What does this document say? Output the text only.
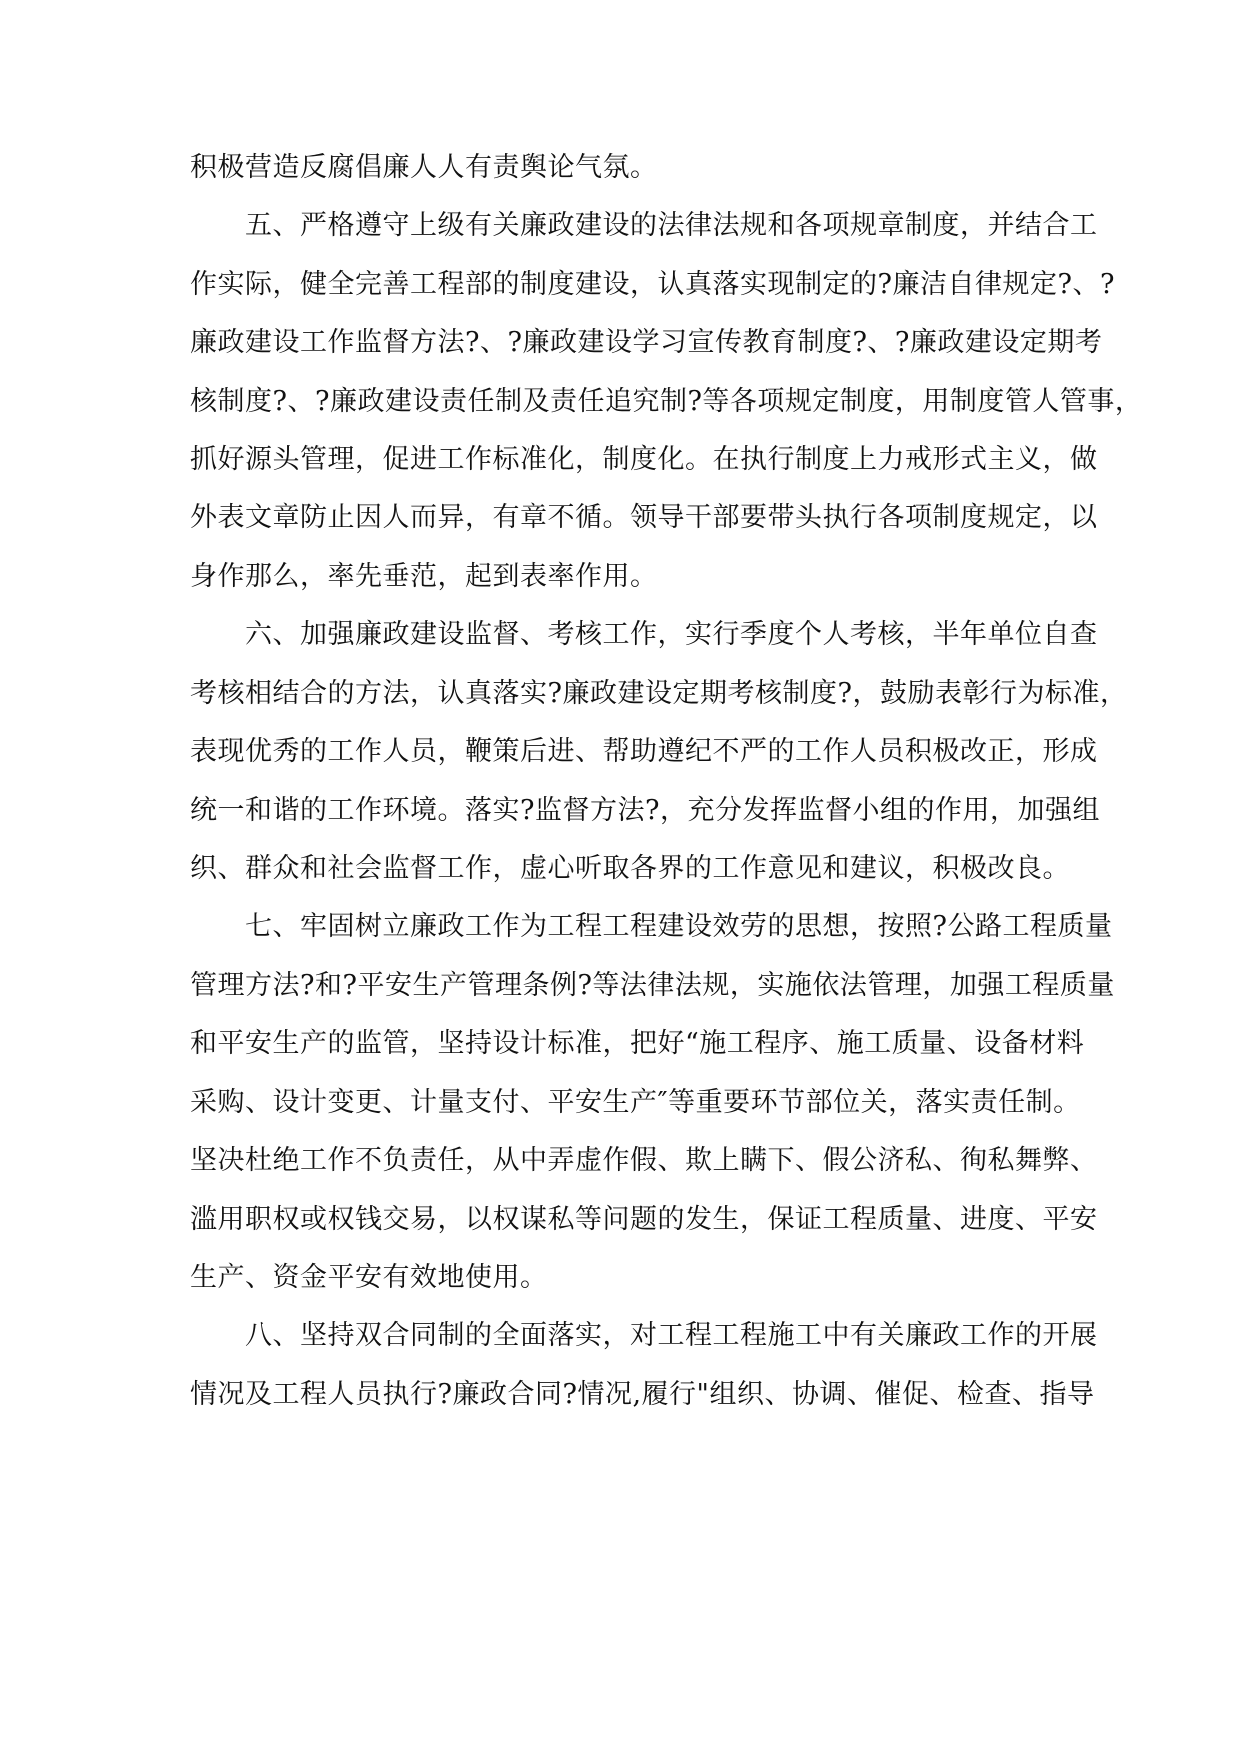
积极营造反腐倡廉人人有责舆论气氛。
五、严格遵守上级有关廉政建设的法律法规和各项规章制度，并结合工
作实际，健全完善工程部的制度建设，认真落实现制定的?廉洁自律规定?、?
廉政建设工作监督方法?、?廉政建设学习宣传教育制度?、?廉政建设定期考
核制度?、?廉政建设责任制及责任追究制?等各项规定制度，用制度管人管事，
抓好源头管理，促进工作标准化，制度化。在执行制度上力戒形式主义，做
外表文章防止因人而异，有章不循。领导干部要带头执行各项制度规定，以
身作那么，率先垂范，起到表率作用。
六、加强廉政建设监督、考核工作，实行季度个人考核，半年单位自查
考核相结合的方法，认真落实?廉政建设定期考核制度?，鼓励表彰行为标准，
表现优秀的工作人员，鞭策后进、帮助遵纪不严的工作人员积极改正，形成
统一和谐的工作环境。落实?监督方法?，充分发挥监督小组的作用，加强组
织、群众和社会监督工作，虚心听取各界的工作意见和建议，积极改良。
七、牢固树立廉政工作为工程工程建设效劳的思想，按照?公路工程质量
管理方法?和?平安生产管理条例?等法律法规，实施依法管理，加强工程质量
和平安生产的监管，坚持设计标准，把好“施工程序、施工质量、设备材料
采购、设计变更、计量支付、平安生产″等重要环节部位关，落实责任制。
坚决杜绝工作不负责任，从中弄虚作假、欺上瞒下、假公济私、徇私舞弊、
滥用职权或权钱交易，以权谋私等问题的发生，保证工程质量、进度、平安
生产、资金平安有效地使用。
八、坚持双合同制的全面落实，对工程工程施工中有关廉政工作的开展
情况及工程人员执行?廉政合同?情况,履行"组织、协调、催促、检查、指导
